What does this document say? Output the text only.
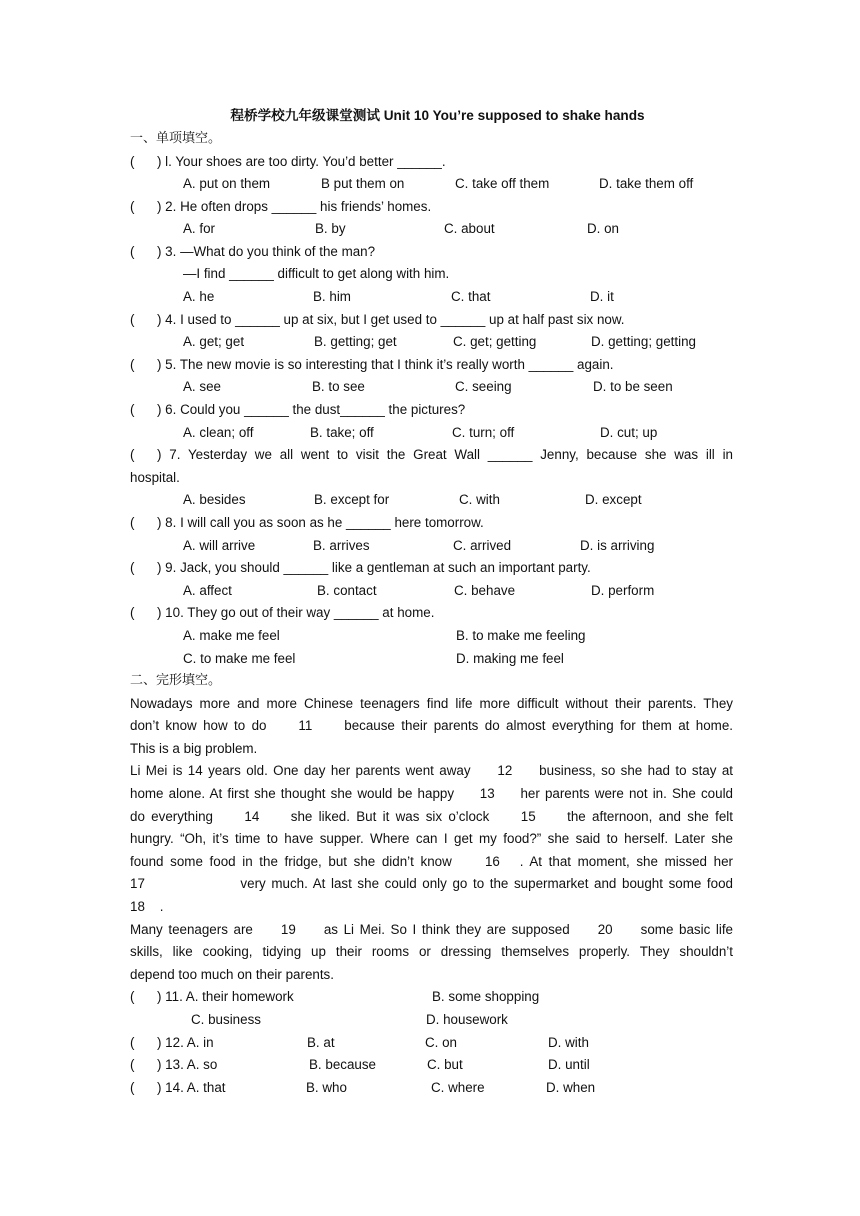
程桥学校九年级课堂测试 Unit 10 You’re supposed to shake hands
一、单项填空。
( ) l. Your shoes are too dirty. You’d better ______.
A. put on them	B put them on	C. take off them	D. take them off
( ) 2. He often drops ______ his friends’ homes.
A. for	B. by	C. about	D. on
( ) 3. —What do you think of the man?
—I find ______ difficult to get along with him.
A. he	B. him	C. that	D. it
( ) 4. I used to ______ up at six, but I get used to ______ up at half past six now.
A. get; get	B. getting; get	C. get; getting	D. getting; getting
( ) 5. The new movie is so interesting that I think it’s really worth ______ again.
A. see	B. to see	C. seeing	D. to be seen
( ) 6. Could you ______ the dust______ the pictures?
A. clean; off	B. take; off	C. turn; off	D. cut; up
( ) 7. Yesterday we all went to visit the Great Wall ______ Jenny, because she was ill in
hospital.
A. besides	B. except for	C. with	D. except
( ) 8. I will call you as soon as he ______ here tomorrow.
A. will arrive	B. arrives	C. arrived	D. is arriving
( ) 9. Jack, you should ______ like a gentleman at such an important party.
A. affect	B. contact	C. behave	D. perform
( ) 10. They go out of their way ______ at home.
A. make me feel	B. to make me feeling
C. to make me feel	D. making me feel
二、完形填空。
Nowadays more and more Chinese teenagers find life more difficult without their parents. They
don’t know how to do     11     because their parents do almost everything for them at home.
This is a big problem.
Li Mei is 14 years old. One day her parents went away     12     business, so she had to stay at
home alone. At first she thought she would be happy     13     her parents were not in. She could
do everything     14     she liked. But it was six o’clock     15     the afternoon, and she felt
hungry. “Oh, it’s time to have supper. Where can I get my food?” she said to herself. Later she
found some food in the fridge, but she didn’t know     16   . At that moment, she missed her
17                 very much. At last she could only go to the supermarket and bought some food
18    .
Many teenagers are     19     as Li Mei. So I think they are supposed     20     some basic life
skills, like cooking, tidying up their rooms or dressing themselves properly. They shouldn’t
depend too much on their parents.
( ) 11. A. their homework	B. some shopping
C. business	D. housework
( ) 12. A. in	B. at	C. on	D. with
( ) 13. A. so	B. because	C. but	D. until
( ) 14. A. that	B. who	C. where	D. when
